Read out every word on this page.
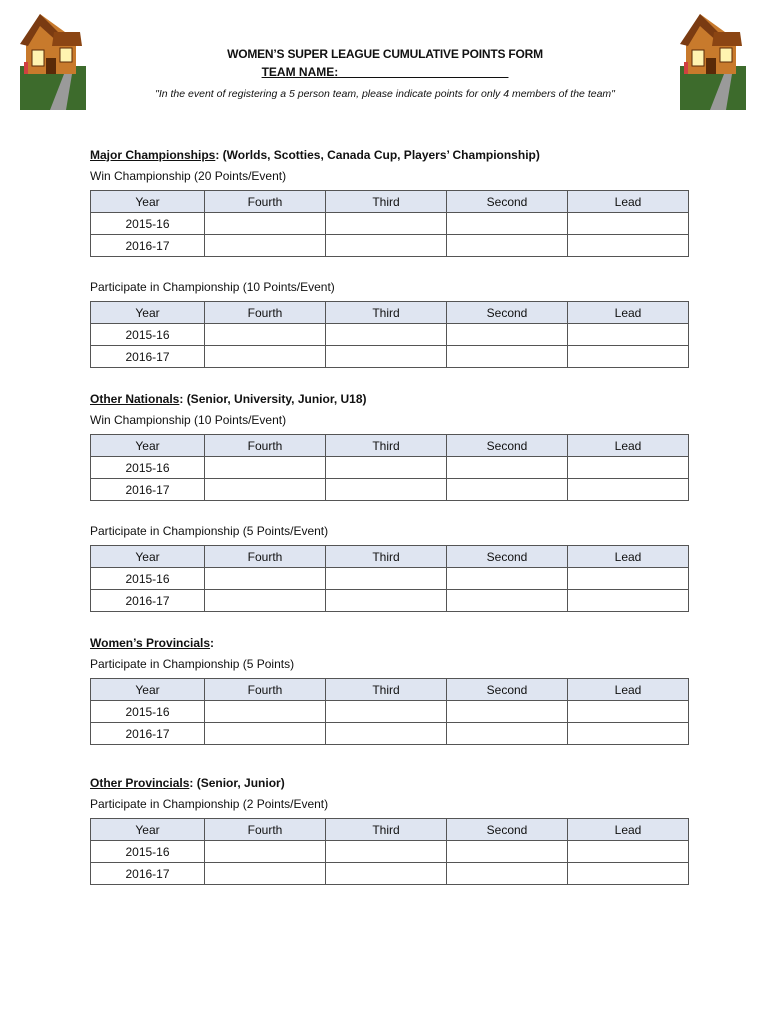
WOMEN’S SUPER LEAGUE CUMULATIVE POINTS FORM
TEAM NAME: _________________________
"In the event of registering a 5 person team, please indicate points for only 4 members of the team"
Major Championships: (Worlds, Scotties, Canada Cup, Players’ Championship)
Win Championship (20 Points/Event)
Year	Fourth	Third	Second	Lead
2015-16				
2016-17				
Participate in Championship (10 Points/Event)
Year	Fourth	Third	Second	Lead
2015-16				
2016-17				
Other Nationals: (Senior, University, Junior, U18)
Win Championship (10 Points/Event)
Year	Fourth	Third	Second	Lead
2015-16				
2016-17				
Participate in Championship (5 Points/Event)
Year	Fourth	Third	Second	Lead
2015-16				
2016-17				
Women’s Provincials:
Participate in Championship (5 Points)
Year	Fourth	Third	Second	Lead
2015-16				
2016-17				
Other Provincials: (Senior, Junior)
Participate in Championship (2 Points/Event)
Year	Fourth	Third	Second	Lead
2015-16				
2016-17				
